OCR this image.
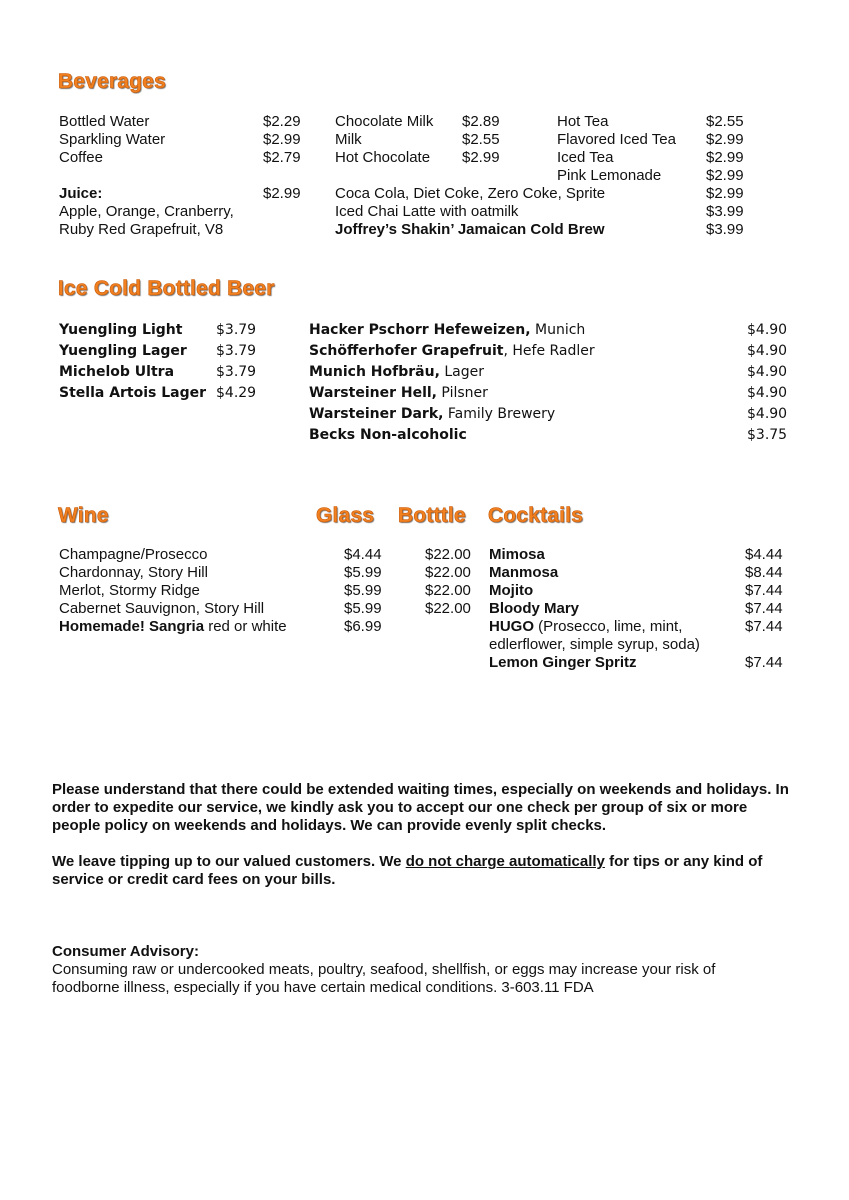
Beverages
Bottled Water	$2.29
Sparkling Water	$2.99
Coffee	$2.79
Chocolate Milk $2.89
Milk	$2.55
Hot Chocolate $2.99
Hot Tea	$2.55
Flavored Iced Tea $2.99
Iced Tea	$2.99
Pink Lemonade	$2.99
Juice:	$2.99
Apple, Orange, Cranberry,
Ruby Red Grapefruit, V8
Coca Cola, Diet Coke, Zero Coke, Sprite	$2.99
Iced Chai Latte with oatmilk	$3.99
Joffrey’s Shakin’ Jamaican Cold Brew	$3.99
Ice Cold Bottled Beer
Yuengling Light $3.79
Yuengling Lager $3.79
Michelob Ultra	$3.79
Stella Artois Lager $4.29
Hacker Pschorr Hefeweizen, Munich	$4.90
Schöfferhofer Grapefruit, Hefe Radler	$4.90
Munich Hofbräu, Lager	$4.90
Warsteiner Hell, Pilsner	$4.90
Warsteiner Dark, Family Brewery	$4.90
Becks Non-alcoholic	$3.75
Wine	Glass Botttle Cocktails
Champagne/Prosecco	$4.44	$22.00
Chardonnay, Story Hill	$5.99	$22.00
Merlot, Stormy Ridge	$5.99	$22.00
Cabernet Sauvignon, Story Hill	$5.99	$22.00
Homemade! Sangria red or white	$6.99
Mimosa	$4.44
Manmosa	$8.44
Mojito	$7.44
Bloody Mary	$7.44
HUGO (Prosecco, lime, mint,	$7.44
edlerflower, simple syrup, soda)
Lemon Ginger Spritz	$7.44
Please understand that there could be extended waiting times, especially on weekends and holidays. In order to expedite our service, we kindly ask you to accept our one check per group of six or more people policy on weekends and holidays. We can provide evenly split checks.
We leave tipping up to our valued customers. We do not charge automatically for tips or any kind of service or credit card fees on your bills.
Consumer Advisory:
Consuming raw or undercooked meats, poultry, seafood, shellfish, or eggs may increase your risk of foodborne illness, especially if you have certain medical conditions. 3-603.11 FDA
